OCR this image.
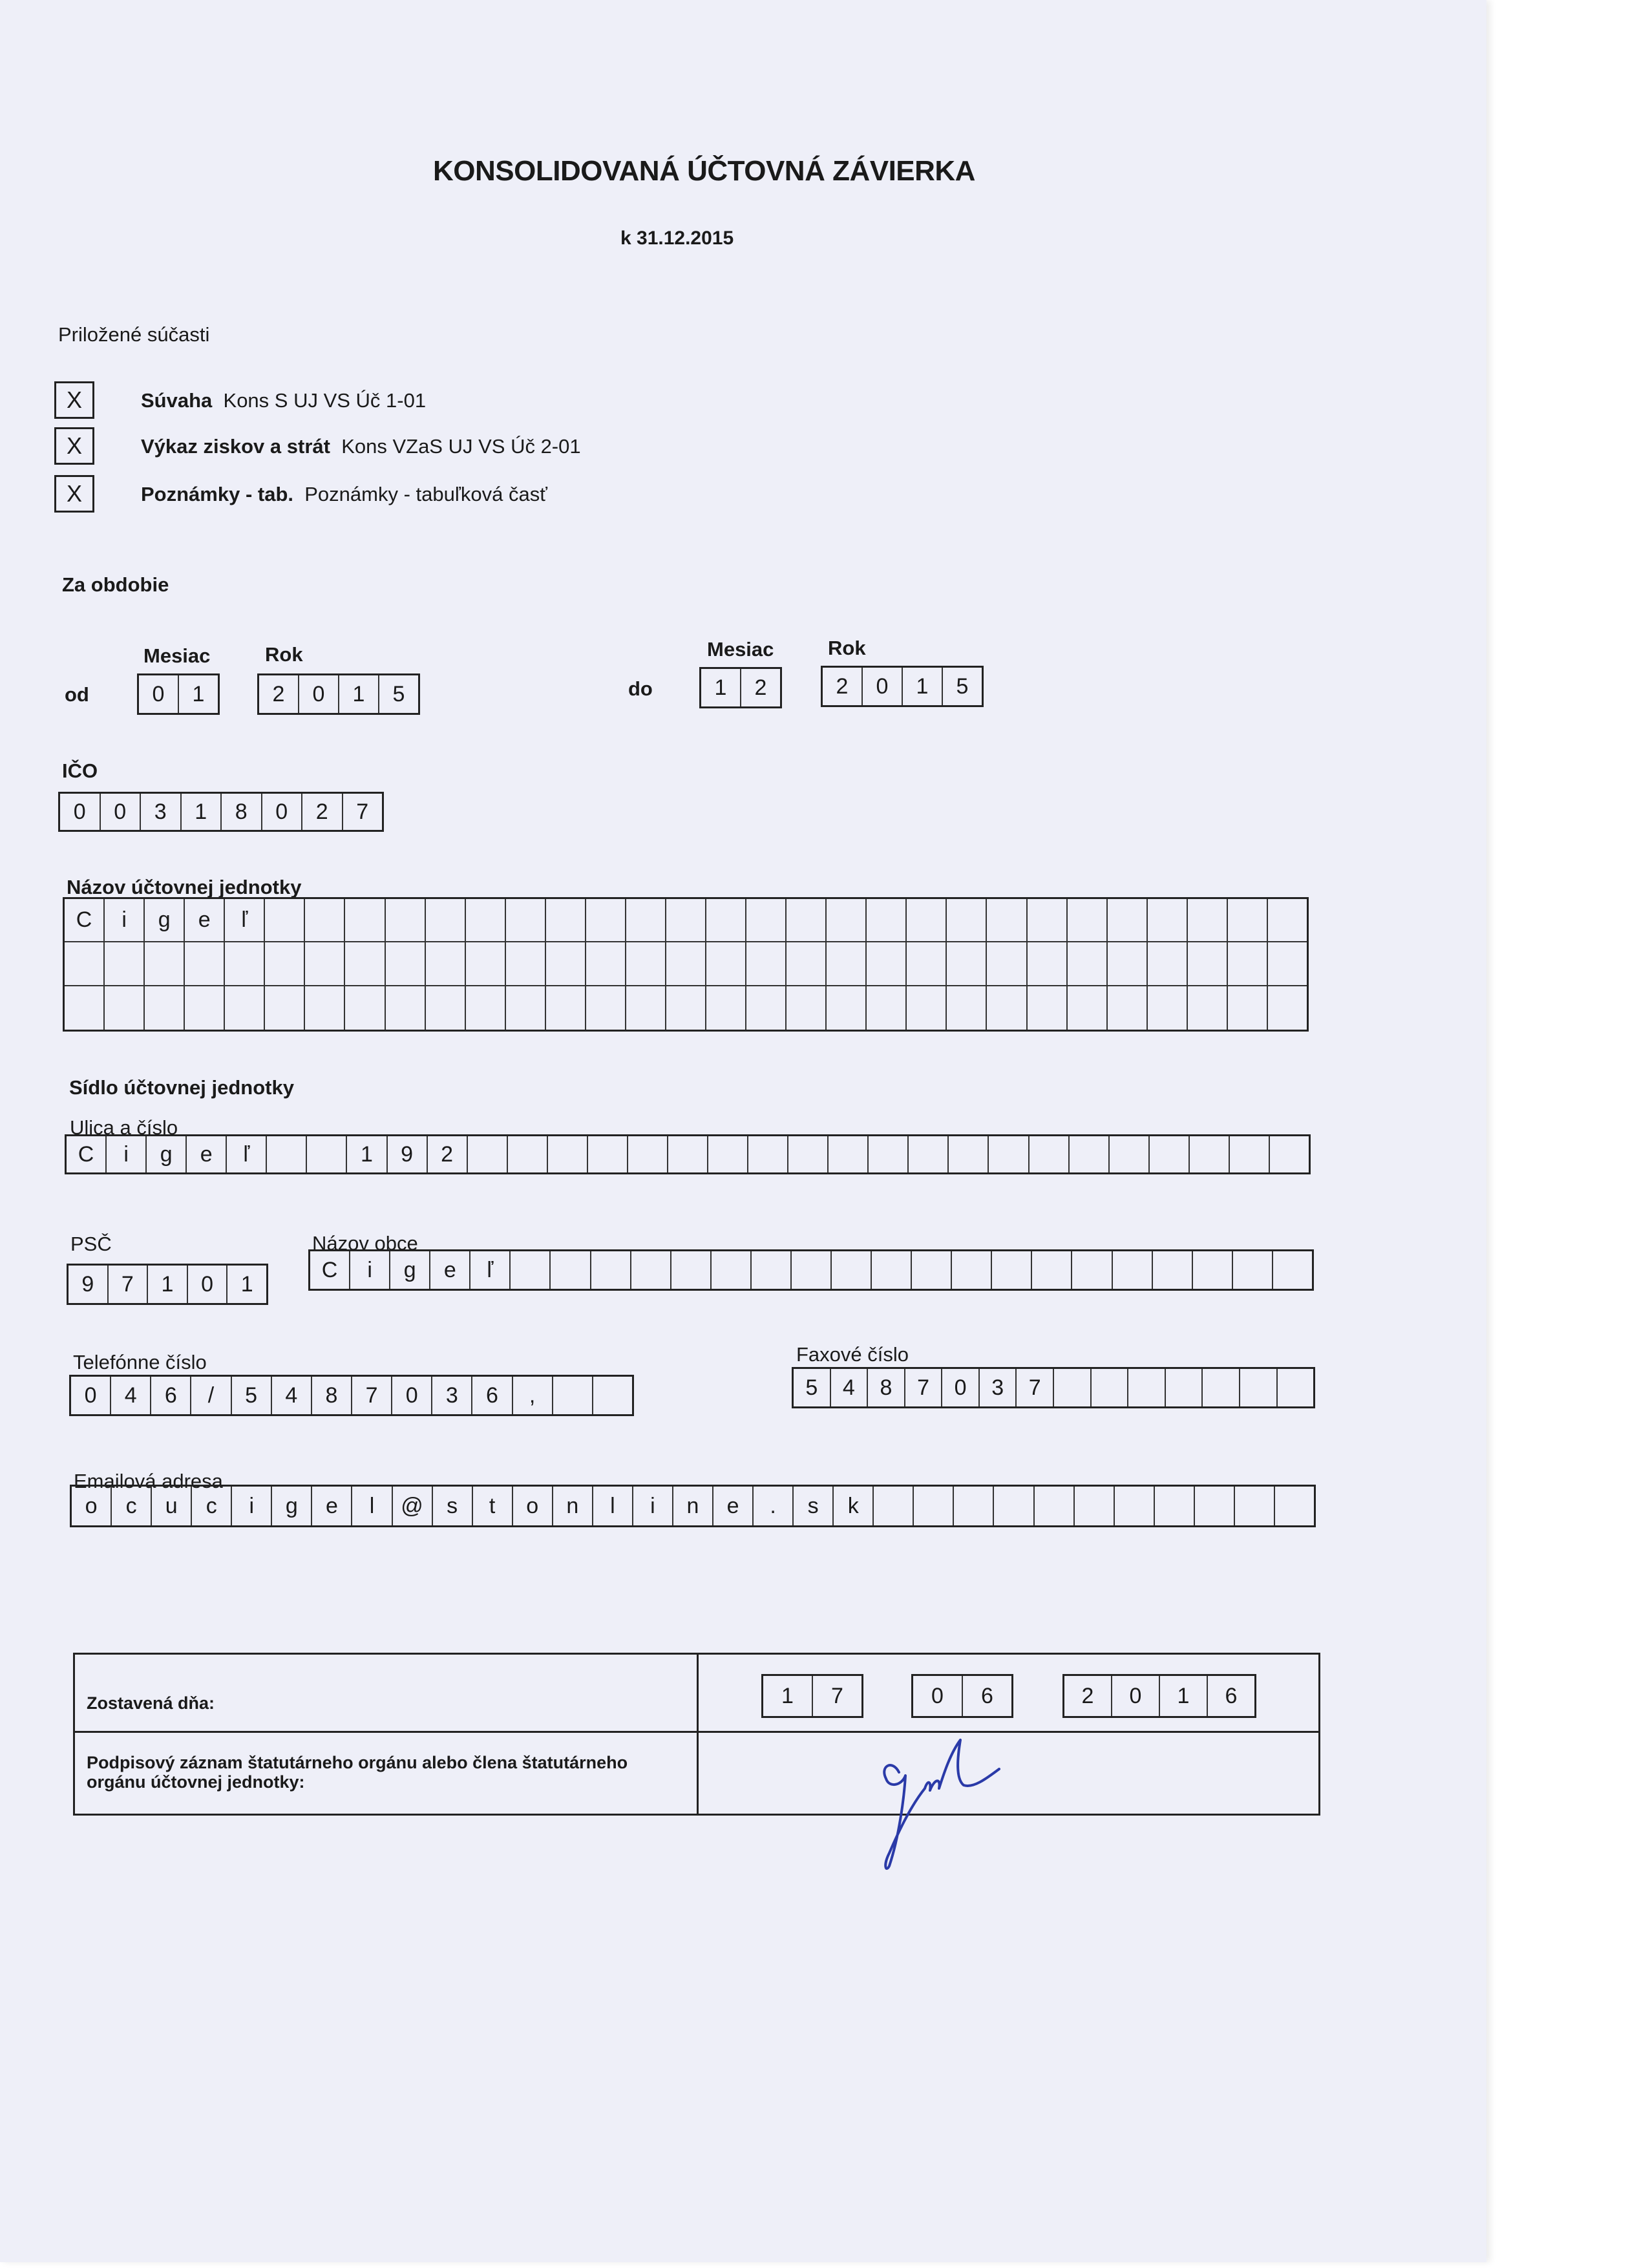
KONSOLIDOVANÁ ÚČTOVNÁ ZÁVIERKA
k 31.12.2015
Priložené súčasti
X	Súvaha Kons S UJ VS Úč 1-01
X	Výkaz ziskov a strát Kons VZaS UJ VS Úč 2-01
X	Poznámky - tab. Poznámky - tabuľková časť
Za obdobie
Mesiac	Rok
od	0	1	2	0	1	5
Mesiac	Rok
do	1	2	2	0	1	5
IČO
0	0	3	1	8	0	2	7
Názov účtovnej jednotky
C	i	g	e	ľ
Sídlo účtovnej jednotky
Ulica a číslo
C	i	g	e	ľ	1	9	2
PSČ
9	7	1	0	1
Názov obce
C	i	g	e	ľ
Telefónne číslo
0	4	6	/	5	4	8	7	0	3	6	,
Faxové číslo
5	4	8	7	0	3	7
Emailová adresa
o	c	u	c	i	g	e	l	@	s	t	o	n	l	i	n	e	.	s	k
Zostavená dňa:	1	7	0	6	2	0	1	6
Podpisový záznam štatutárneho orgánu alebo člena štatutárneho orgánu účtovnej jednotky:
